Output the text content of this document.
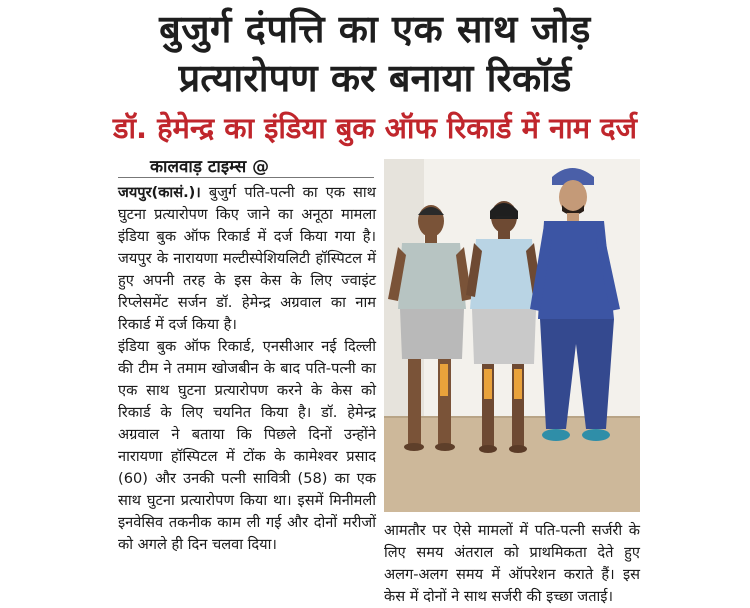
बुजुर्ग दंपत्ति का एक साथ जोड़
प्रत्यारोपण कर बनाया रिकॉर्ड
डॉ. हेमेन्द्र का इंडिया बुक ऑफ रिकार्ड में नाम दर्ज
कालवाड़ टाइम्स @

जयपुर(कासं.)। बुजुर्ग पति-पत्नी का एक साथ घुटना प्रत्यारोपण किए जाने का अनूठा मामला इंडिया बुक ऑफ रिकार्ड में दर्ज किया गया है। जयपुर के नारायणा मल्टीस्पेशियलिटी हॉस्पिटल में हुए अपनी तरह के इस केस के लिए ज्वाइंट रिप्लेसमेंट सर्जन डॉ. हेमेन्द्र अग्रवाल का नाम रिकार्ड में दर्ज किया है।

इंडिया बुक ऑफ रिकार्ड, एनसीआर नई दिल्ली की टीम ने तमाम खोजबीन के बाद पति-पत्नी का एक साथ घुटना प्रत्यारोपण करने के केस को रिकार्ड के लिए चयनित किया है। डॉ. हेमेन्द्र अग्रवाल ने बताया कि पिछले दिनों उन्होंने नारायणा हॉस्पिटल में टोंक के कामेश्वर प्रसाद (60) और उनकी पत्नी सावित्री (58) का एक साथ घुटना प्रत्यारोपण किया था। इसमें मिनीमली इनवेसिव तकनीक काम ली गई और दोनों मरीजों को अगले ही दिन चलवा दिया।

आमतौर पर ऐसे मामलों में पति-पत्नी सर्जरी के लिए समय अंतराल को प्राथमिकता देते हुए अलग-अलग समय में ऑपरेशन कराते हैं। इस केस में दोनों ने साथ सर्जरी की इच्छा जताई।
